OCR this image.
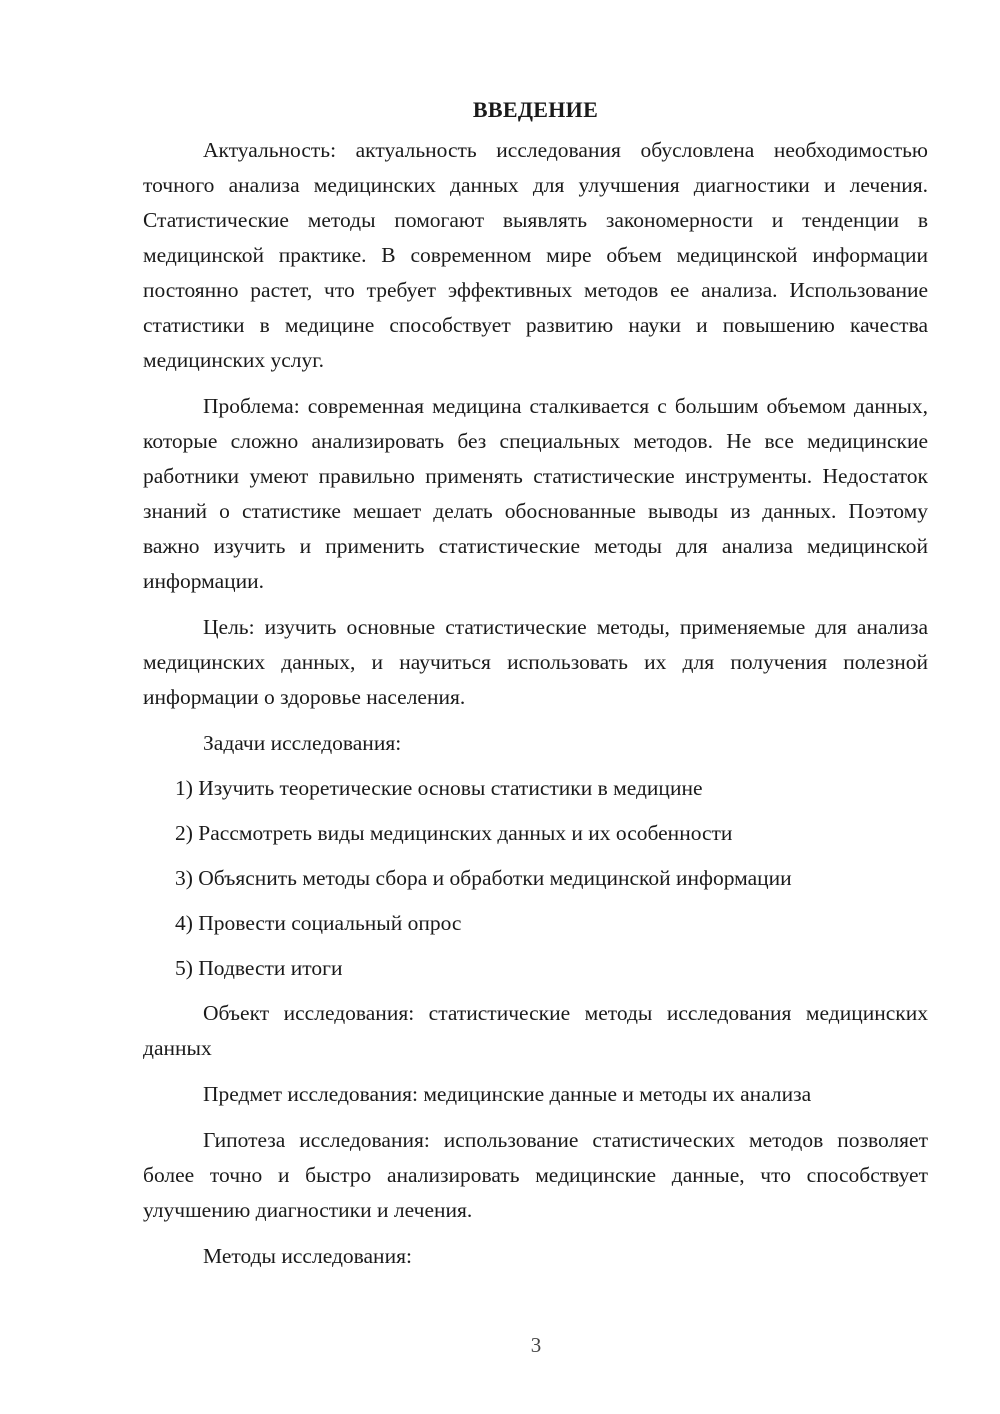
ВВЕДЕНИЕ

Актуальность: актуальность исследования обусловлена необходимостью точного анализа медицинских данных для улучшения диагностики и лечения. Статистические методы помогают выявлять закономерности и тенденции в медицинской практике. В современном мире объем медицинской информации постоянно растет, что требует эффективных методов ее анализа. Использование статистики в медицине способствует развитию науки и повышению качества медицинских услуг.

Проблема: современная медицина сталкивается с большим объемом данных, которые сложно анализировать без специальных методов. Не все медицинские работники умеют правильно применять статистические инструменты. Недостаток знаний о статистике мешает делать обоснованные выводы из данных. Поэтому важно изучить и применить статистические методы для анализа медицинской информации.

Цель: изучить основные статистические методы, применяемые для анализа медицинских данных, и научиться использовать их для получения полезной информации о здоровье населения.

Задачи исследования:

1) Изучить теоретические основы статистики в медицине
2) Рассмотреть виды медицинских данных и их особенности
3) Объяснить методы сбора и обработки медицинской информации
4) Провести социальный опрос
5) Подвести итоги

Объект исследования: статистические методы исследования медицинских данных

Предмет исследования: медицинские данные и методы их анализа

Гипотеза исследования: использование статистических методов позволяет более точно и быстро анализировать медицинские данные, что способствует улучшению диагностики и лечения.

Методы исследования:

3
